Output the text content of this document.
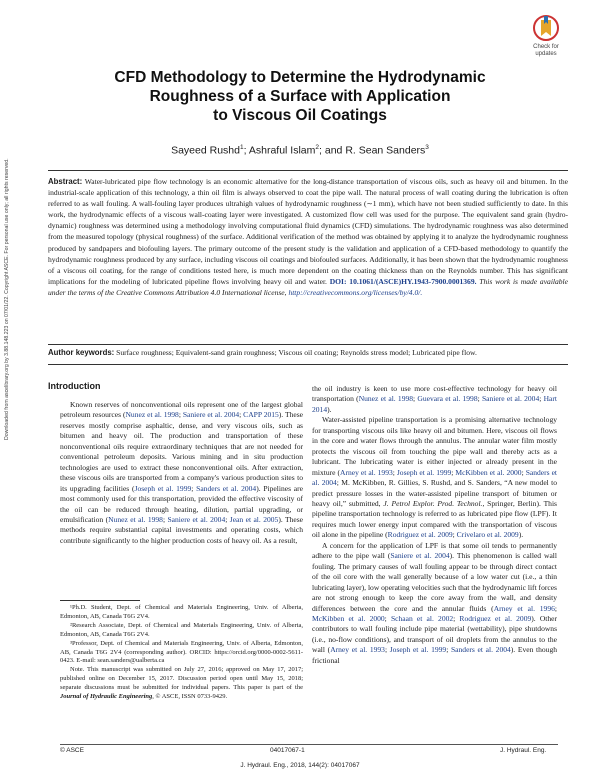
Check for
updates
CFD Methodology to Determine the Hydrodynamic
Roughness of a Surface with Application
to Viscous Oil Coatings
Sayeed Rushd$^1$; Ashraful Islam$^2$; and R. Sean Sanders$^3$

Abstract: Water-lubricated pipe flow technology is an economic alternative for the long-distance transportation of viscous oils, such as heavy oil and bitumen. In the industrial-scale application of this technology, a thin oil film is always observed to coat the pipe wall. The natural process of wall coating during the lubrication is often referred to as wall fouling. A wall-fouling layer produces ultrahigh values of hydrodynamic roughness (∼1 mm), which have not been studied sufficiently to date. In this work, the hydrodynamic effects of a viscous wall-coating layer were investigated. A customized flow cell was used for the purpose. The equivalent sand grain (hydro-dynamic) roughness was determined using a methodology involving computational fluid dynamics (CFD) simulations. The hydrodynamic roughness was also determined from the measured topology (physical roughness) of the surface. Additional verification of the method was obtained by applying it to analyze the hydrodynamic roughness produced by sandpapers and biofouling layers. The primary outcome of the present study is the validation and application of a CFD-based methodology to quantify the hydrodynamic roughness produced by any surface, including viscous oil coatings and biofouled surfaces. Additionally, it has been shown that the hydrodynamic roughness of a viscous oil coating, for the range of conditions tested here, is much more dependent on the coating thickness than on the Reynolds number. This has significant implications for the modeling of lubricated pipeline flows involving heavy oil and water. DOI: 10.1061/(ASCE)HY.1943-7900.0001369. This work is made available under the terms of the Creative Commons Attribution 4.0 International license, http://creativecommons.org/licenses/by/4.0/.

Author keywords: Surface roughness; Equivalent-sand grain roughness; Viscous oil coating; Reynolds stress model; Lubricated pipe flow.

Downloaded from ascelibrary.org by 3.88.148.223 on 07/01/22. Copyright ASCE. For personal use only; all rights reserved.	Introduction

Known reserves of nonconventional oils represent one of the largest global petroleum resources (Nunez et al. 1998; Saniere et al. 2004; CAPP 2015). These reserves mostly comprise asphaltic, dense, and very viscous oils, such as bitumen and heavy oil. The production and transportation of these nonconventional oils require extraordinary techniques that are not needed for conventional petroleum deposits. Various mining and in situ production technologies are used to extract these nonconventional oils. After extraction, these viscous oils are transported from a company's various production sites to its upgrading facilities (Joseph et al. 1999; Sanders et al. 2004). Pipelines are most commonly used for this transportation, provided the effective viscosity of the oil can be reduced through heating, dilution, partial upgrading, or emulsification (Nunez et al. 1998; Saniere et al. 2004; Jean et al. 2005). These methods require substantial capital investments and operating costs, which contribute significantly to the higher production costs of heavy oil. As a result,

¹Ph.D. Student, Dept. of Chemical and Materials Engineering, Univ. of Alberta, Edmonton, AB, Canada T6G 2V4.

²Research Associate, Dept. of Chemical and Materials Engineering, Univ. of Alberta, Edmonton, AB, Canada T6G 2V4.

³Professor, Dept. of Chemical and Materials Engineering, Univ. of Alberta, Edmonton, AB, Canada T6G 2V4 (corresponding author). ORCID: https://orcid.org/0000-0002-5611-0423. E-mail: sean.sanders@ualberta.ca

Note. This manuscript was submitted on July 27, 2016; approved on May 17, 2017; published online on December 15, 2017. Discussion period open until May 15, 2018; separate discussions must be submitted for individual papers. This paper is part of the Journal of Hydraulic Engineering, © ASCE, ISSN 0733-9429.

the oil industry is keen to use more cost-effective technology for heavy oil transportation (Nunez et al. 1998; Guevara et al. 1998; Saniere et al. 2004; Hart 2014).

Water-assisted pipeline transportation is a promising alternative technology for transporting viscous oils like heavy oil and bitumen. Here, viscous oil flows in the core and water flows through the annulus. The annular water film mostly protects the viscous oil from touching the pipe wall and thereby acts as a lubricant. The lubricating water is either injected or already present in the mixture (Arney et al. 1993; Joseph et al. 1999; McKibben et al. 2000; Sanders et al. 2004; M. McKibben, R. Gillies, S. Rushd, and S. Sanders, “A new model to predict pressure losses in the water-assisted pipeline transport of bitumen or heavy oil,” submitted, J. Petrol Explor. Prod. Technol., Springer, Berlin). This pipeline transportation technology is referred to as lubricated pipe flow (LPF). It requires much lower energy input compared with the transportation of viscous oil alone in the pipeline (Rodriguez et al. 2009; Crivelaro et al. 2009).

A concern for the application of LPF is that some oil tends to permanently adhere to the pipe wall (Saniere et al. 2004). This phenomenon is called wall fouling. The primary causes of wall fouling appear to be through direct contact of the oil core with the wall generally because of a low water cut (i.e., a thin lubricating layer), low operating velocities such that the hydrodynamic lift forces are not strong enough to keep the core away from the wall, and density differences between the core and the annular fluids (Arney et al. 1996; McKibben et al. 2000; Schaan et al. 2002; Rodriguez et al. 2009). Other contributors to wall fouling include pipe material (wettability), pipe shutdowns (i.e., no-flow conditions), and transport of oil droplets from the annulus to the wall (Arney et al. 1993; Joseph et al. 1999; Sanders et al. 2004). Even though frictional

© ASCE	04017067-1	J. Hydraul. Eng.
J. Hydraul. Eng., 2018, 144(2): 04017067
